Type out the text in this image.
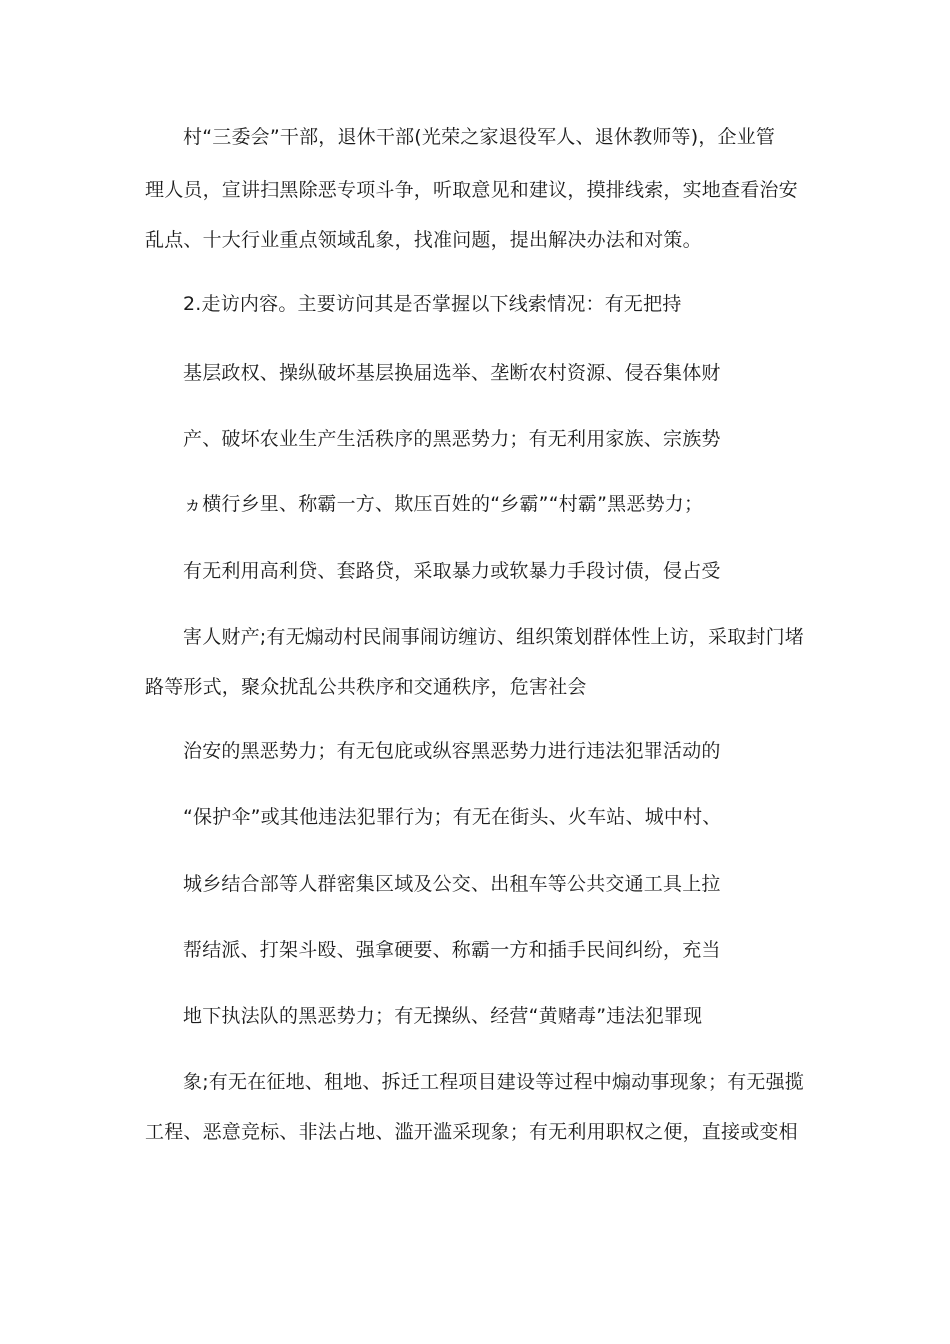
村“三委会”干部，退休干部(光荣之家退役军人、退休教师等)，企业管
理人员，宣讲扫黑除恶专项斗争，听取意见和建议，摸排线索，实地查看治安
乱点、十大行业重点领域乱象，找准问题，提出解决办法和对策。
2.走访内容。主要访问其是否掌握以下线索情况：有无把持
基层政权、操纵破坏基层换届选举、垄断农村资源、侵吞集体财
产、破坏农业生产生活秩序的黑恶势力；有无利用家族、宗族势
ヵ横行乡里、称霸一方、欺压百姓的“乡霸”“村霸”黑恶势力；
有无利用高利贷、套路贷，采取暴力或软暴力手段讨债，侵占受
害人财产;有无煽动村民闹事闹访缠访、组织策划群体性上访，采取封门堵
路等形式，聚众扰乱公共秩序和交通秩序，危害社会
治安的黑恶势力；有无包庇或纵容黑恶势力进行违法犯罪活动的
“保护伞”或其他违法犯罪行为；有无在街头、火车站、城中村、
城乡结合部等人群密集区域及公交、出租车等公共交通工具上拉
帮结派、打架斗殴、强拿硬要、称霸一方和插手民间纠纷，充当
地下执法队的黑恶势力；有无操纵、经营“黄赌毒”违法犯罪现
象;有无在征地、租地、拆迁工程项目建设等过程中煽动事现象；有无强揽
工程、恶意竞标、非法占地、滥开滥采现象；有无利用职权之便，直接或变相
